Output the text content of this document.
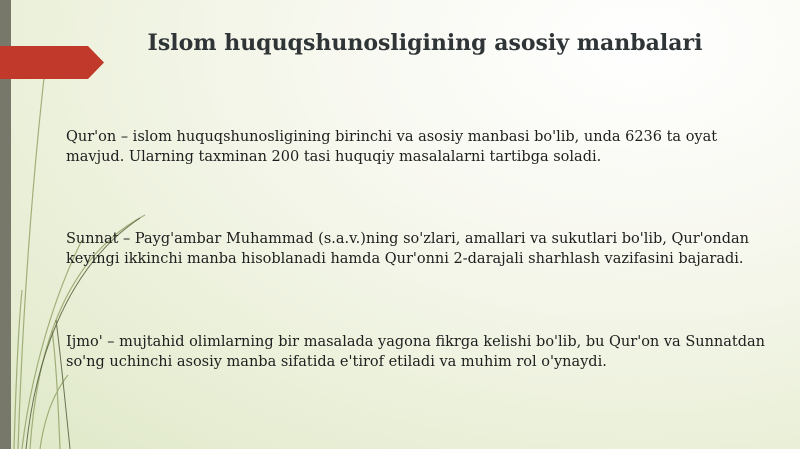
Islom huquqshunosligining asosiy manbalari
Qur'on – islom huquqshunosligining birinchi va asosiy manbasi bo'lib, unda 6236 ta oyat
mavjud. Ularning taxminan 200 tasi huquqiy masalalarni tartibga soladi.
Sunnat – Payg'ambar Muhammad (s.a.v.)ning so'zlari, amallari va sukutlari bo'lib, Qur'ondan
keyingi ikkinchi manba hisoblanadi hamda Qur'onni 2-darajali sharhlash vazifasini bajaradi.
Ijmo' – mujtahid olimlarning bir masalada yagona fikrga kelishi bo'lib, bu Qur'on va Sunnatdan
so'ng uchinchi asosiy manba sifatida e'tirof etiladi va muhim rol o'ynaydi.
